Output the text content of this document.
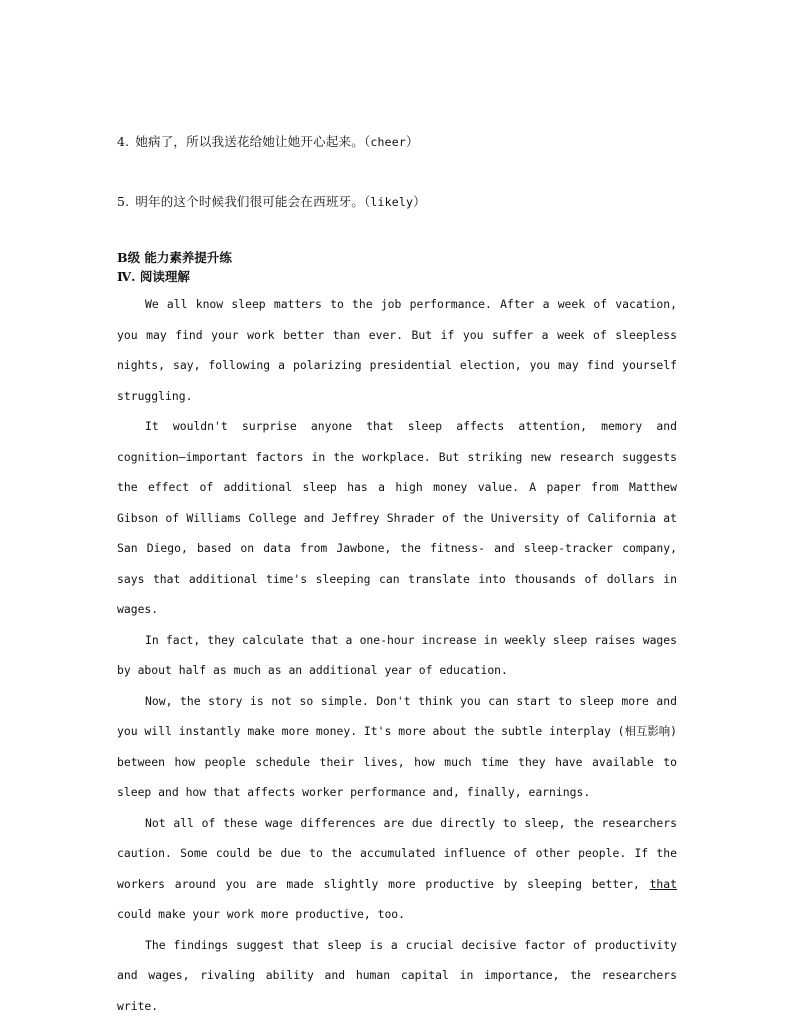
4. 她病了，所以我送花给她让她开心起来。（cheer）
5. 明年的这个时候我们很可能会在西班牙。（likely）
B级 能力素养提升练
Ⅳ. 阅读理解

We all know sleep matters to the job performance. After a week of vacation, you may find your work better than ever. But if you suffer a week of sleepless nights, say, following a polarizing presidential election, you may find yourself struggling.

It wouldn't surprise anyone that sleep affects attention, memory and cognition—important factors in the workplace. But striking new research suggests the effect of additional sleep has a high money value. A paper from Matthew Gibson of Williams College and Jeffrey Shrader of the University of California at San Diego, based on data from Jawbone, the fitness- and sleep-tracker company, says that additional time's sleeping can translate into thousands of dollars in wages.

In fact, they calculate that a one-hour increase in weekly sleep raises wages by about half as much as an additional year of education.

Now, the story is not so simple. Don't think you can start to sleep more and you will instantly make more money. It's more about the subtle interplay (相互影响) between how people schedule their lives, how much time they have available to sleep and how that affects worker performance and, finally, earnings.

Not all of these wage differences are due directly to sleep, the researchers caution. Some could be due to the accumulated influence of other people. If the workers around you are made slightly more productive by sleeping better, that could make your work more productive, too.

The findings suggest that sleep is a crucial decisive factor of productivity and wages, rivaling ability and human capital in importance, the researchers write.
